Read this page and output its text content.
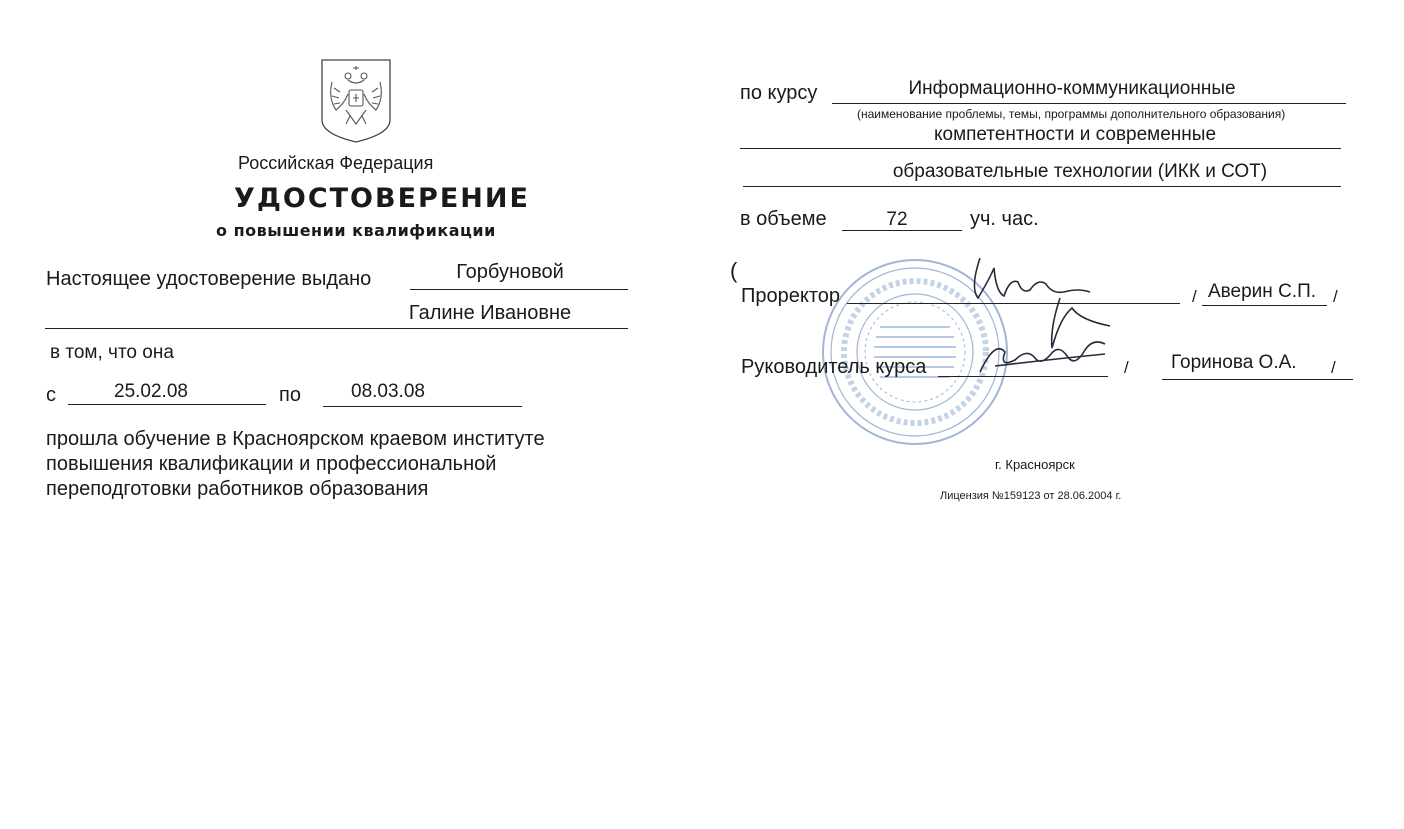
Российская Федерация
УДОСТОВЕРЕНИЕ
о повышении квалификации
Настоящее удостоверение выдано	Горбуновой
Галине Ивановне
в том, что она
с	25.02.08	по	08.03.08
прошла обучение в Красноярском краевом институте
повышения квалификации и профессиональной
переподготовки работников образования
по курсу	Информационно-коммуникационные
(наименование проблемы, темы, программы дополнительного образования)
компетентности и современные
образовательные технологии (ИКК и СОТ)
в объеме	72	уч. час.
(
Проректор	/ Аверин С.П. /
Руководитель курса	/ Горинова О.А. /
г. Красноярск
Лицензия №159123 от 28.06.2004 г.
